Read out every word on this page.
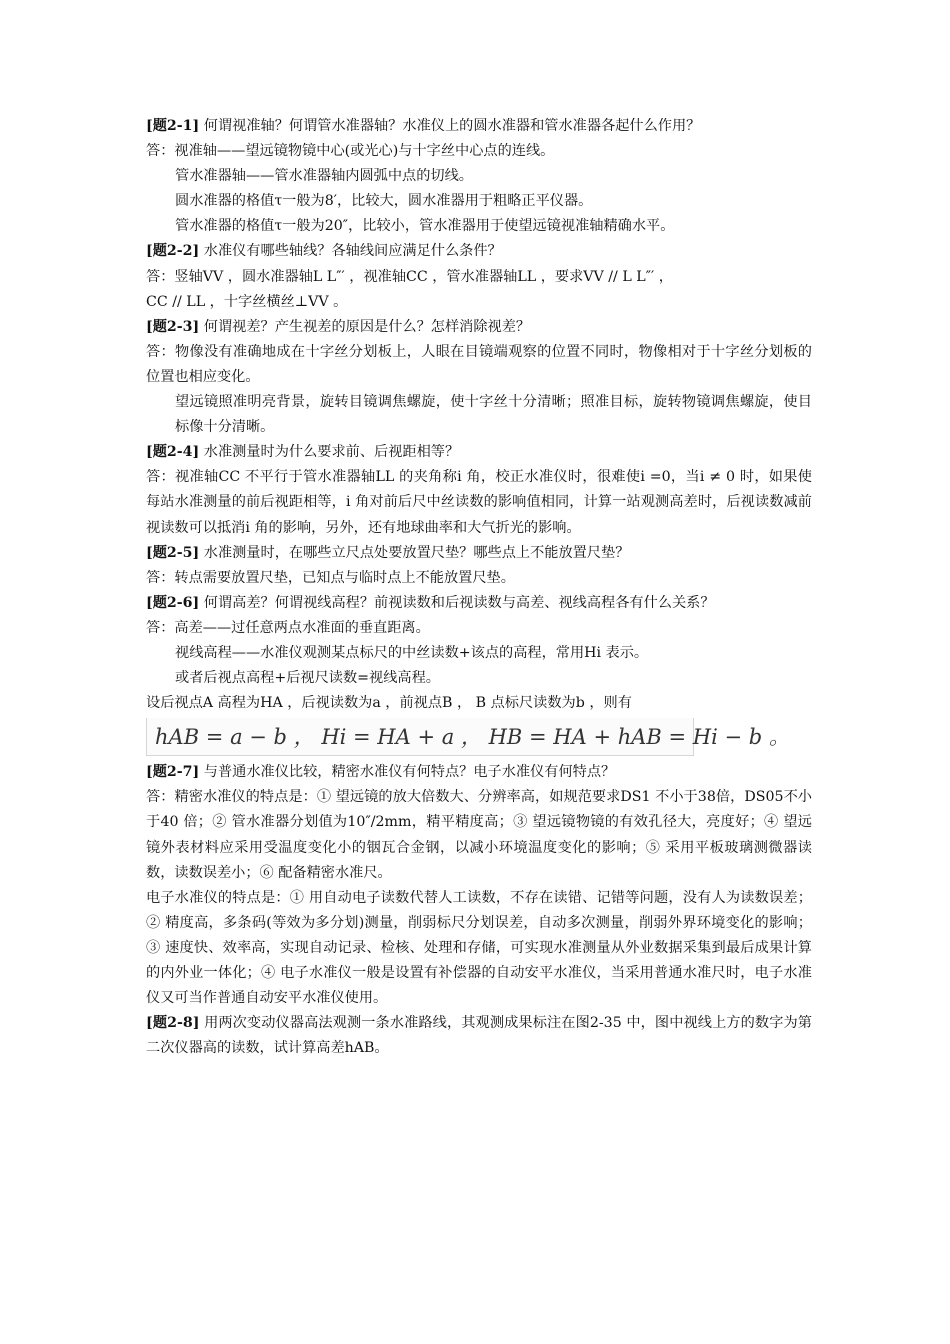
[题2-1] 何谓视准轴？何谓管水准器轴？水准仪上的圆水准器和管水准器各起什么作用？
答：视准轴——望远镜物镜中心(或光心)与十字丝中心点的连线。
管水准器轴——管水准器轴内圆弧中点的切线。
圆水准器的格值τ一般为8′，比较大，圆水准器用于粗略正平仪器。
管水准器的格值τ一般为20″，比较小，管水准器用于使望远镜视准轴精确水平。
[题2-2] 水准仪有哪些轴线？各轴线间应满足什么条件？
答：竖轴VV ，圆水准器轴L L″′ ，视准轴CC ，管水准器轴LL ，要求VV // L L″′ ，
CC // LL ，十字丝横丝⊥VV 。
[题2-3] 何谓视差？产生视差的原因是什么？怎样消除视差？
答：物像没有准确地成在十字丝分划板上，人眼在目镜端观察的位置不同时，物像相对于十字丝分划板的位置也相应变化。
望远镜照准明亮背景，旋转目镜调焦螺旋，使十字丝十分清晰；照准目标，旋转物镜调焦螺旋，使目标像十分清晰。
[题2-4] 水准测量时为什么要求前、后视距相等？
答：视准轴CC 不平行于管水准器轴LL 的夹角称i 角，校正水准仪时，很难使i =0，当i ≠ 0 时，如果使每站水准测量的前后视距相等，i 角对前后尺中丝读数的影响值相同，计算一站观测高差时，后视读数减前视读数可以抵消i 角的影响，另外，还有地球曲率和大气折光的影响。
[题2-5] 水准测量时，在哪些立尺点处要放置尺垫？哪些点上不能放置尺垫？
答：转点需要放置尺垫，已知点与临时点上不能放置尺垫。
[题2-6] 何谓高差？何谓视线高程？前视读数和后视读数与高差、视线高程各有什么关系？
答：高差——过任意两点水准面的垂直距离。
视线高程——水准仪观测某点标尺的中丝读数+该点的高程，常用Hi 表示。
或者后视点高程+后视尺读数=视线高程。
设后视点A 高程为HA ，后视读数为a ，前视点B ， B 点标尺读数为b ，则有
hAB = a − b ， Hi = HA + a ， HB = HA + hAB = Hi − b 。
[题2-7] 与普通水准仪比较，精密水准仪有何特点？电子水准仪有何特点？
答：精密水准仪的特点是：① 望远镜的放大倍数大、分辨率高，如规范要求DS1 不小于38倍，DS05不小于40 倍；② 管水准器分划值为10″/2mm，精平精度高；③ 望远镜物镜的有效孔径大，亮度好；④ 望远镜外表材料应采用受温度变化小的铟瓦合金钢，以减小环境温度变化的影响；⑤ 采用平板玻璃测微器读数，读数误差小；⑥ 配备精密水准尺。
电子水准仪的特点是：① 用自动电子读数代替人工读数，不存在读错、记错等问题，没有人为读数误差；② 精度高，多条码(等效为多分划)测量，削弱标尺分划误差，自动多次测量，削弱外界环境变化的影响；③ 速度快、效率高，实现自动记录、检核、处理和存储，可实现水准测量从外业数据采集到最后成果计算的内外业一体化；④ 电子水准仪一般是设置有补偿器的自动安平水准仪，当采用普通水准尺时，电子水准仪又可当作普通自动安平水准仪使用。
[题2-8] 用两次变动仪器高法观测一条水准路线，其观测成果标注在图2-35 中，图中视线上方的数字为第二次仪器高的读数，试计算高差hAB。
